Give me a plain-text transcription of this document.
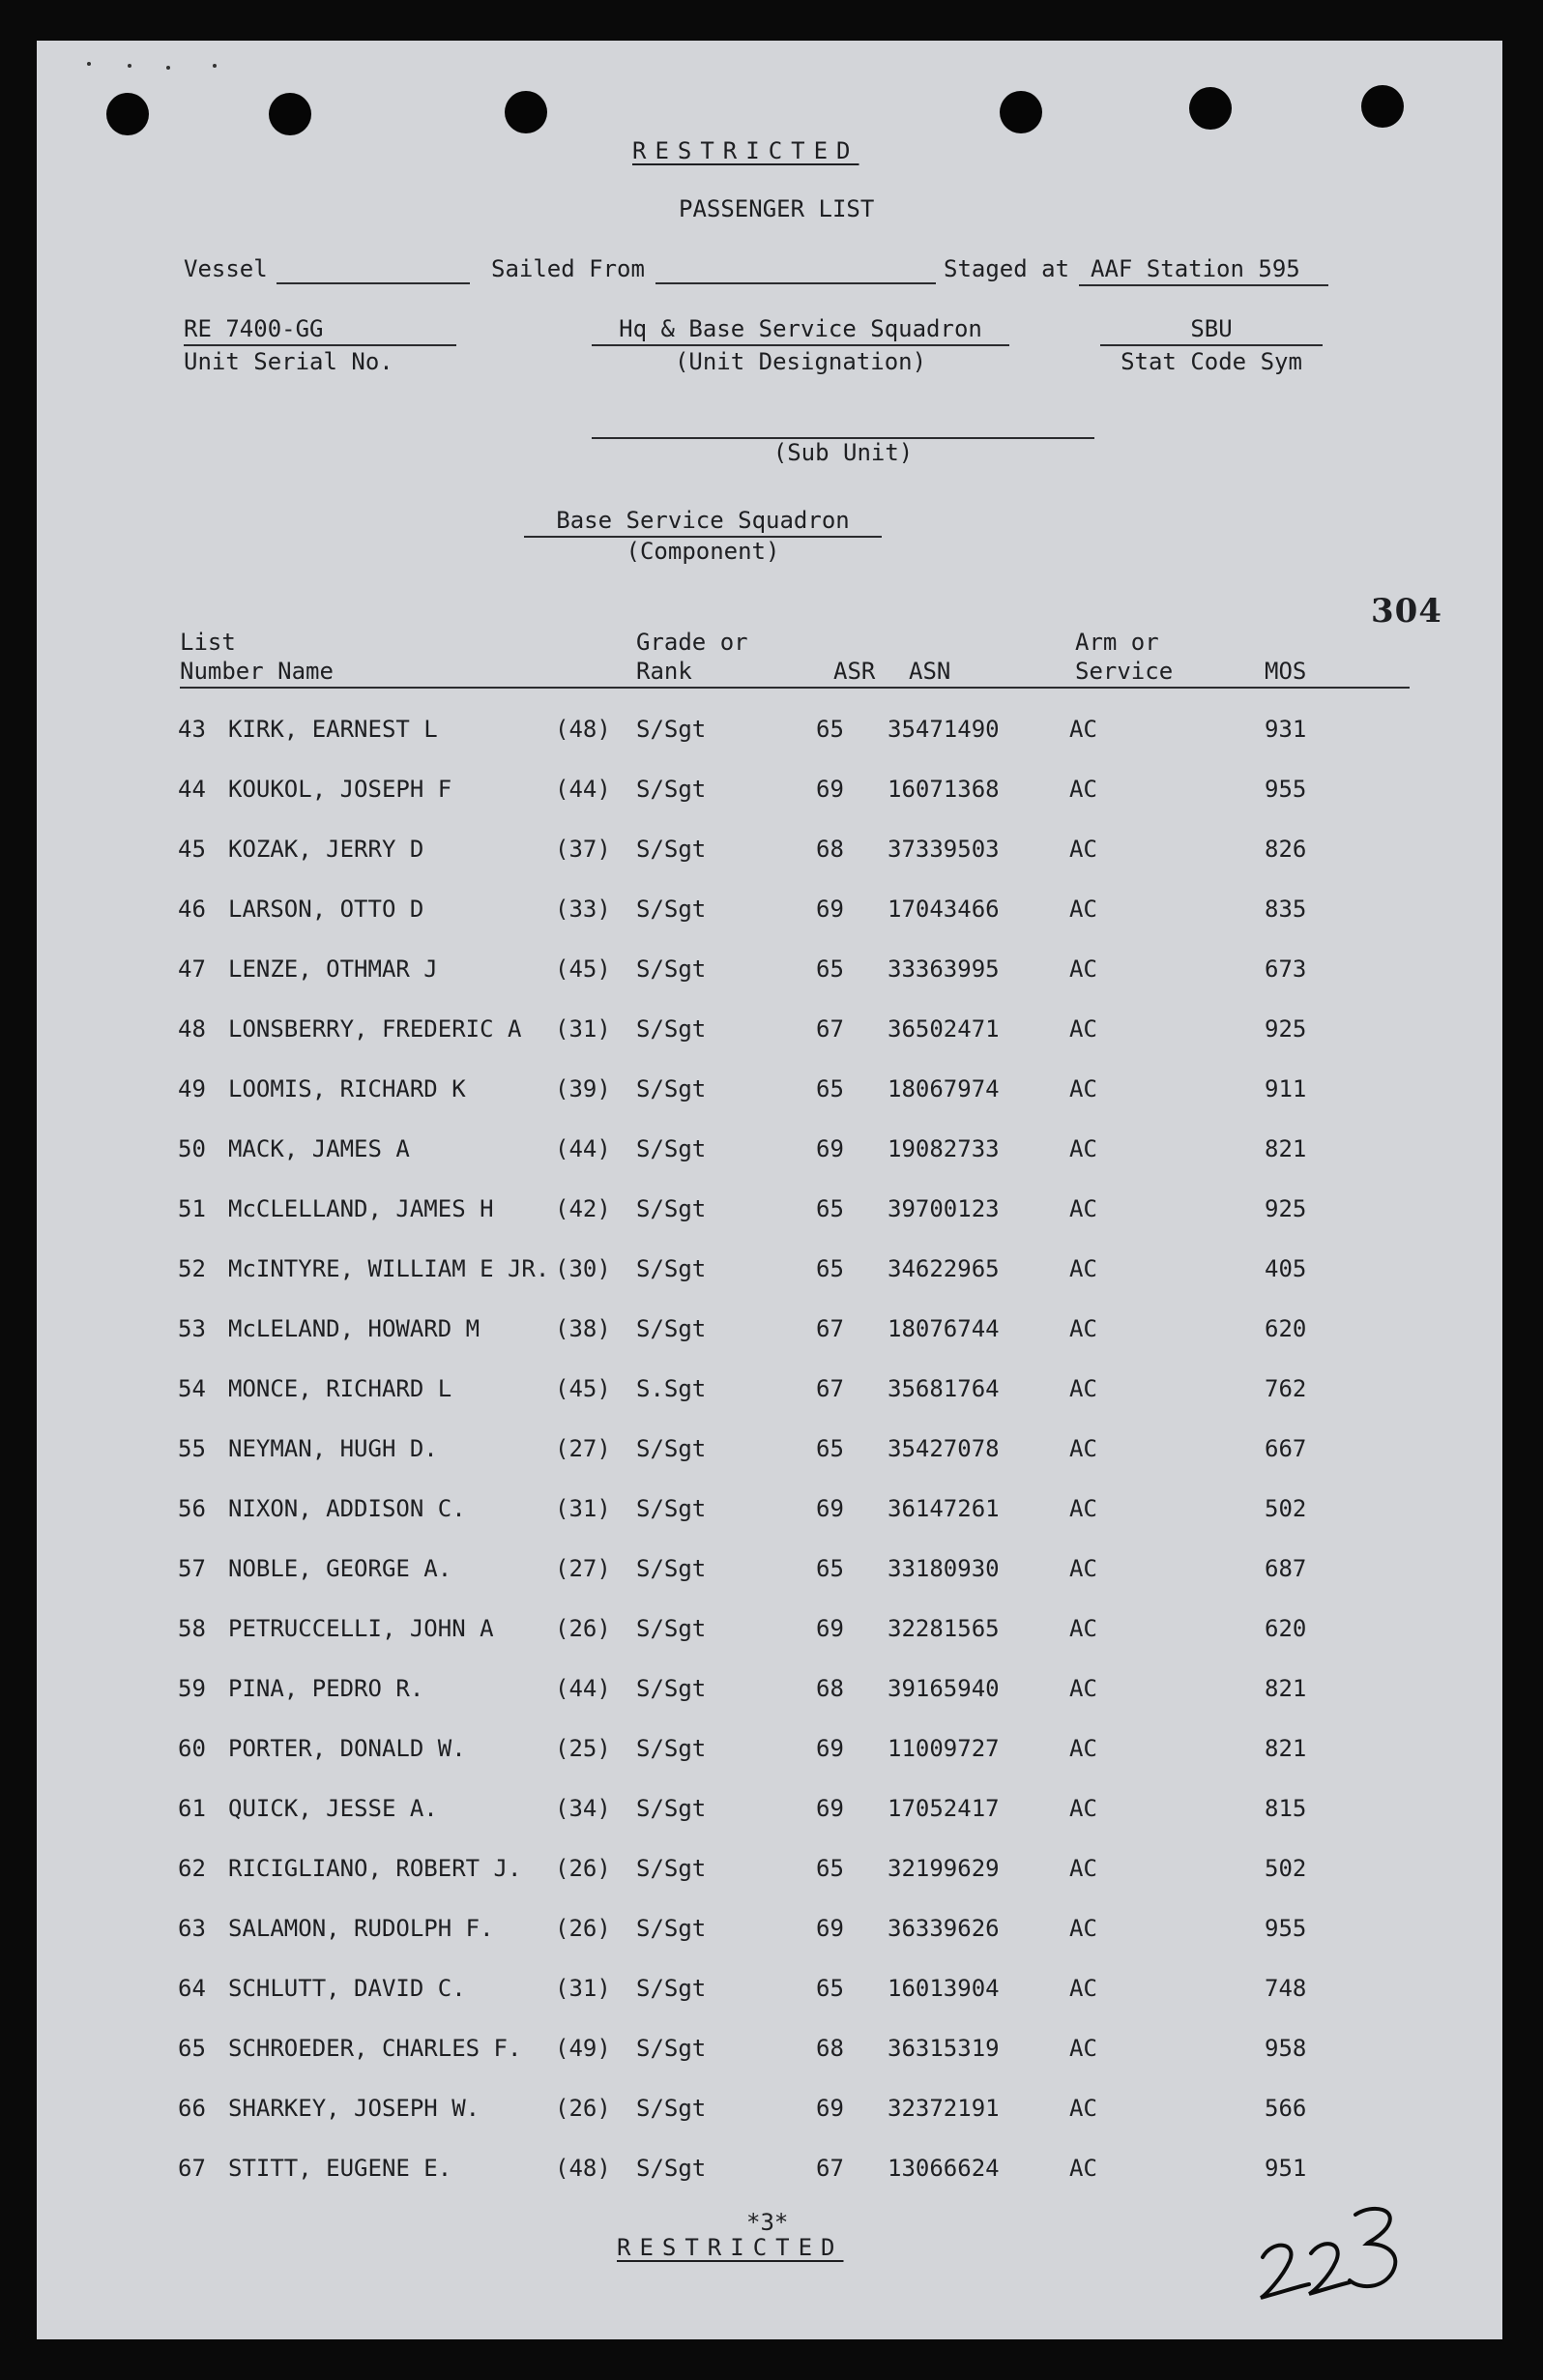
RESTRICTED
PASSENGER LIST
Vessel	Sailed From	Staged at AAF Station 595
RE 7400-GG
Unit Serial No.
Hq & Base Service Squadron
(Unit Designation)
SBU
Stat Code Sym
(Sub Unit)
Base Service Squadron
(Component)
304
List
Number Name
Grade or
Rank	ASR ASN
Arm or
Service	MOS
43 KIRK, EARNEST L	(48) S/Sgt	65 35471490	AC	931
44 KOUKOL, JOSEPH F	(44) S/Sgt	69 16071368	AC	955
45 KOZAK, JERRY D	(37) S/Sgt	68 37339503	AC	826
46 LARSON, OTTO D	(33) S/Sgt	69 17043466	AC	835
47 LENZE, OTHMAR J	(45) S/Sgt	65 33363995	AC	673
48 LONSBERRY, FREDERIC A (31) S/Sgt	67 36502471	AC	925
49 LOOMIS, RICHARD K	(39) S/Sgt	65 18067974	AC	911
50 MACK, JAMES A	(44) S/Sgt	69 19082733	AC	821
51 McCLELLAND, JAMES H	(42) S/Sgt	65 39700123	AC	925
52 McINTYRE, WILLIAM E JR. (30) S/Sgt	65 34622965	AC	405
53 McLELAND, HOWARD M	(38) S/Sgt	67 18076744	AC	620
54 MONCE, RICHARD L	(45) S.Sgt	67 35681764	AC	762
55 NEYMAN, HUGH D.	(27) S/Sgt	65 35427078	AC	667
56 NIXON, ADDISON C.	(31) S/Sgt	69 36147261	AC	502
57 NOBLE, GEORGE A.	(27) S/Sgt	65 33180930	AC	687
58 PETRUCCELLI, JOHN A	(26) S/Sgt	69 32281565	AC	620
59 PINA, PEDRO R.	(44) S/Sgt	68 39165940	AC	821
60 PORTER, DONALD W.	(25) S/Sgt	69 11009727	AC	821
61 QUICK, JESSE A.	(34) S/Sgt	69 17052417	AC	815
62 RICIGLIANO, ROBERT J. (26) S/Sgt	65 32199629	AC	502
63 SALAMON, RUDOLPH F.	(26) S/Sgt	69 36339626	AC	955
64 SCHLUTT, DAVID C.	(31) S/Sgt	65 16013904	AC	748
65 SCHROEDER, CHARLES F. (49) S/Sgt	68 36315319	AC	958
66 SHARKEY, JOSEPH W.	(26) S/Sgt	69 32372191	AC	566
67 STITT, EUGENE E.	(48) S/Sgt	67 13066624	AC	951
*3*
RESTRICTED
